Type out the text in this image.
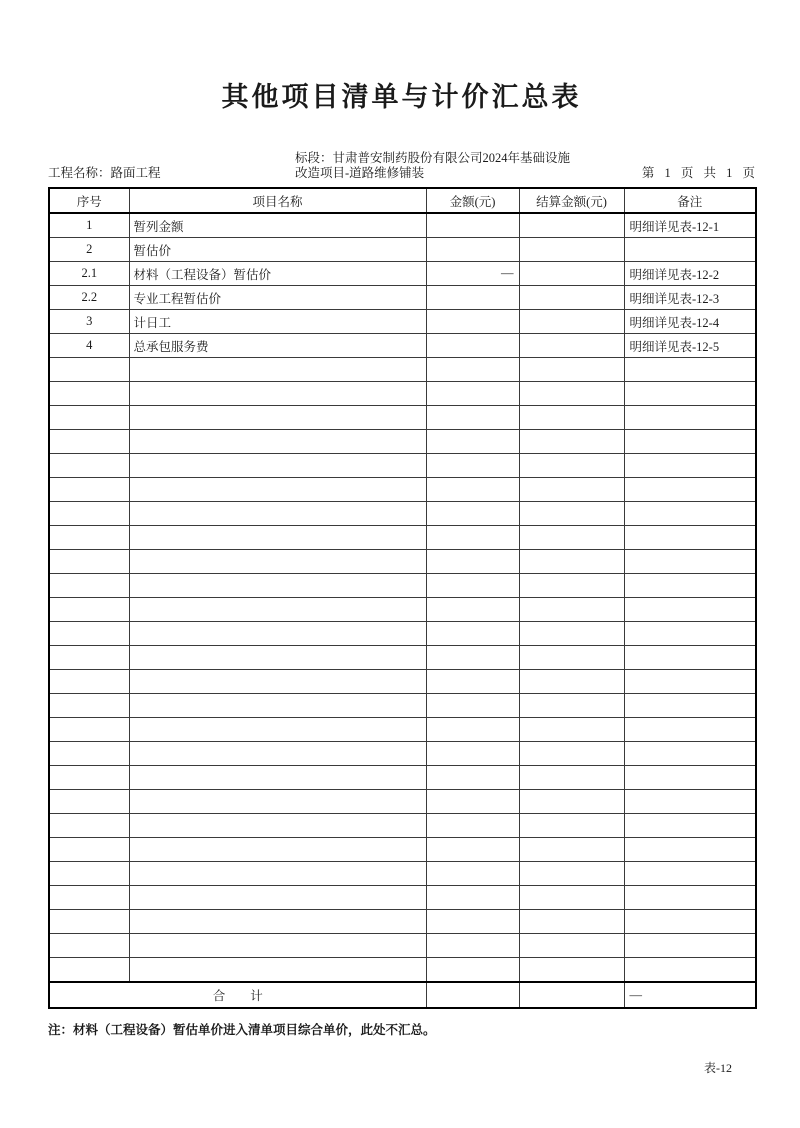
其他项目清单与计价汇总表
工程名称：路面工程
标段：甘肃普安制药股份有限公司2024年基础设施
改造项目-道路维修铺装	第 1 页 共 1 页
序号	项目名称	金额(元)	结算金额(元)	备注
1	暂列金额			明细详见表-12-1
2	暂估价			
2.1	材料（工程设备）暂估价	—		明细详见表-12-2
2.2	专业工程暂估价			明细详见表-12-3
3	计日工			明细详见表-12-4
4	总承包服务费			明细详见表-12-5

合　　计				—
注：材料（工程设备）暂估单价进入清单项目综合单价，此处不汇总。
表-12
